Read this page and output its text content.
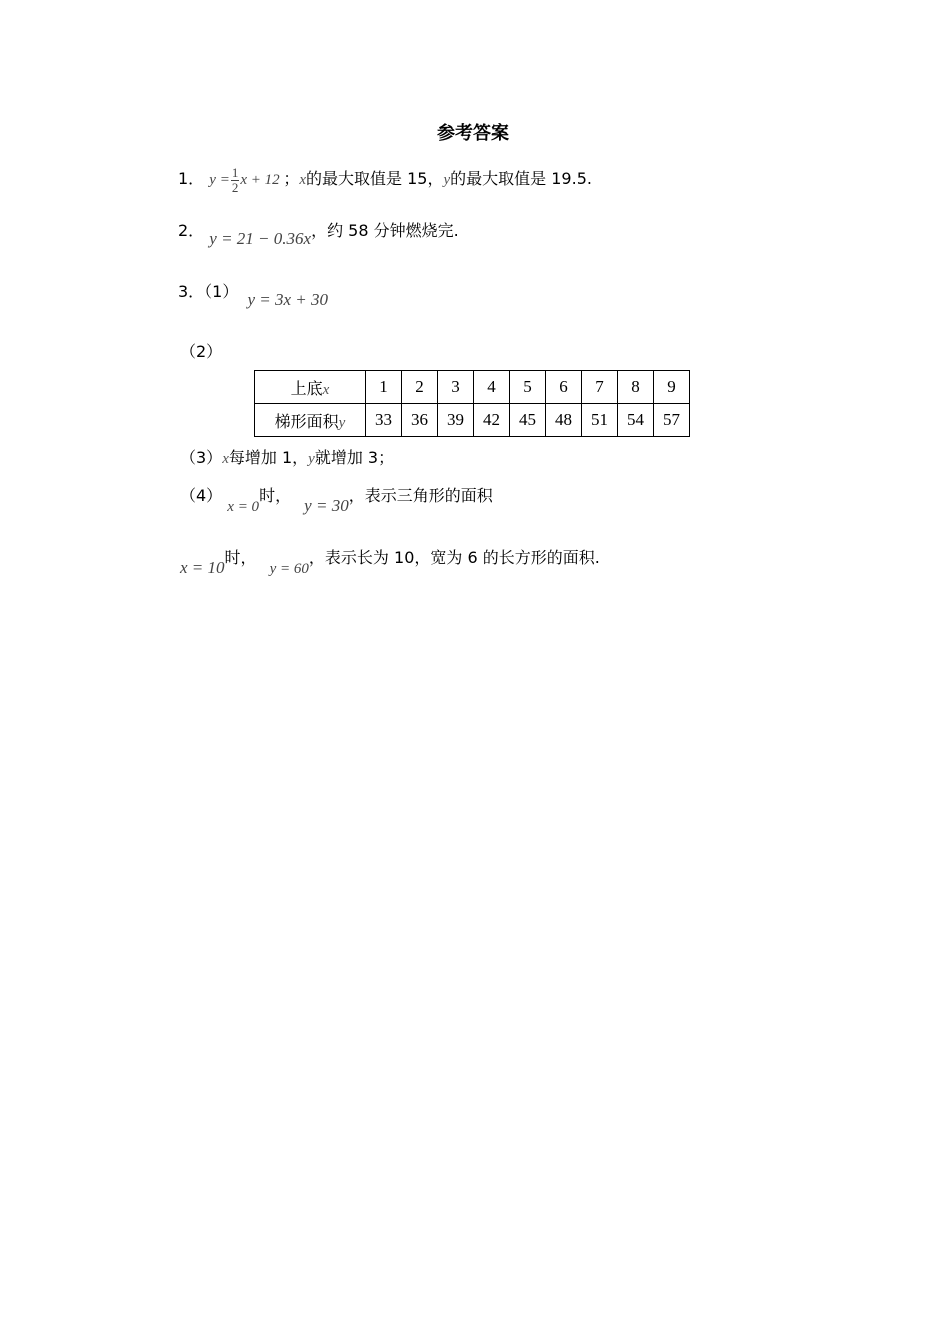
参考答案
1． $y = \frac{1}{2}$ x + 12 ；x的最大取值是 15，y的最大取值是 19.5.
2． y = 21 − 0.36x，约 58 分钟燃烧完.
3．（1） y = 3x + 30
（2）
上底x	1	2	3	4	5	6	7	8	9
梯形面积y	33	36	39	42	45	48	51	54	57
（3）x每增加 1，y就增加 3；
（4） x = 0时， y = 30，表示三角形的面积
x = 10时， y = 60，表示长为 10，宽为 6 的长方形的面积.
